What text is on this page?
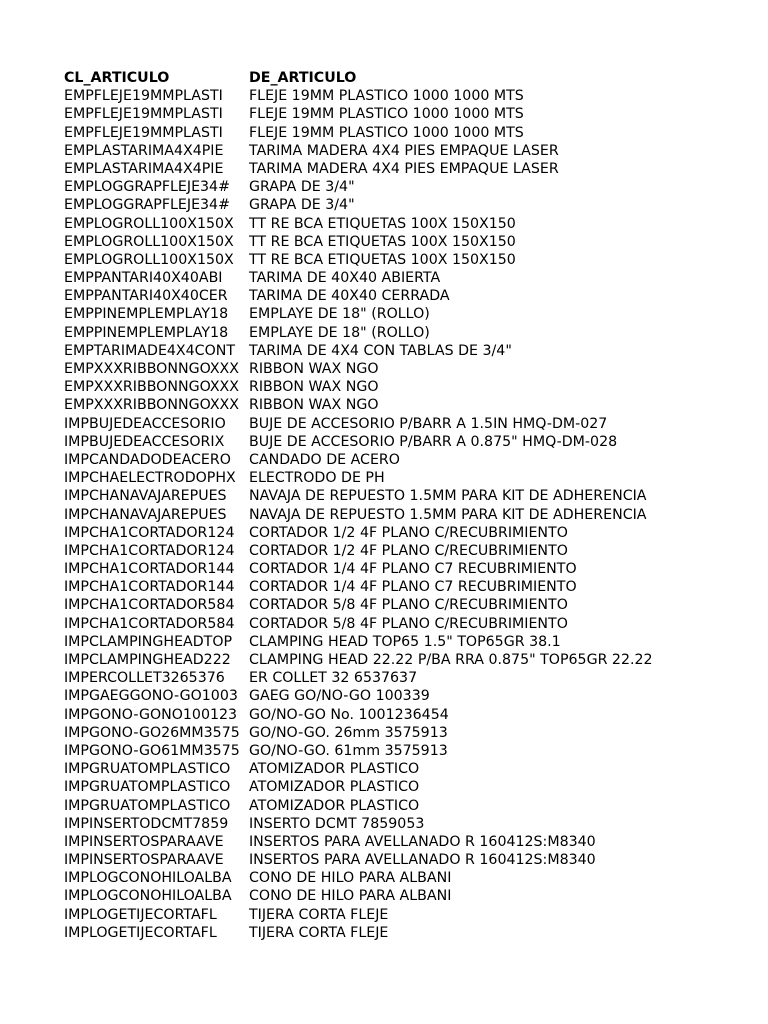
CL_ARTICULO	DE_ARTICULO
EMPFLEJE19MMPLASTI	FLEJE 19MM PLASTICO 1000 1000 MTS
EMPFLEJE19MMPLASTI	FLEJE 19MM PLASTICO 1000 1000 MTS
EMPFLEJE19MMPLASTI	FLEJE 19MM PLASTICO 1000 1000 MTS
EMPLASTARIMA4X4PIE	TARIMA MADERA 4X4 PIES EMPAQUE LASER
EMPLASTARIMA4X4PIE	TARIMA MADERA 4X4 PIES EMPAQUE LASER
EMPLOGGRAPFLEJE34#	GRAPA DE 3/4"
EMPLOGGRAPFLEJE34#	GRAPA DE 3/4"
EMPLOGROLL100X150X	TT RE BCA ETIQUETAS 100X 150X150
EMPLOGROLL100X150X	TT RE BCA ETIQUETAS 100X 150X150
EMPLOGROLL100X150X	TT RE BCA ETIQUETAS 100X 150X150
EMPPANTARI40X40ABI	TARIMA DE 40X40 ABIERTA
EMPPANTARI40X40CER	TARIMA DE 40X40 CERRADA
EMPPINEMPLEMPLAY18	EMPLAYE DE 18" (ROLLO)
EMPPINEMPLEMPLAY18	EMPLAYE DE 18" (ROLLO)
EMPTARIMADE4X4CONT TARIMA DE 4X4 CON TABLAS DE 3/4"
EMPXXXRIBBONNGOXXX RIBBON WAX NGO
EMPXXXRIBBONNGOXXX RIBBON WAX NGO
EMPXXXRIBBONNGOXXX RIBBON WAX NGO
IMPBUJEDEACCESORIO	BUJE DE ACCESORIO P/BARR A 1.5IN HMQ-DM-027
IMPBUJEDEACCESORIX	BUJE DE ACCESORIO P/BARR A 0.875" HMQ-DM-028
IMPCANDADODEACERO	CANDADO DE ACERO
IMPCHAELECTRODOPHX ELECTRODO DE PH
IMPCHANAVAJAREPUES	NAVAJA DE REPUESTO 1.5MM PARA KIT DE ADHERENCIA
IMPCHANAVAJAREPUES	NAVAJA DE REPUESTO 1.5MM PARA KIT DE ADHERENCIA
IMPCHA1CORTADOR124	CORTADOR 1/2 4F PLANO C/RECUBRIMIENTO
IMPCHA1CORTADOR124	CORTADOR 1/2 4F PLANO C/RECUBRIMIENTO
IMPCHA1CORTADOR144	CORTADOR 1/4 4F PLANO C7 RECUBRIMIENTO
IMPCHA1CORTADOR144	CORTADOR 1/4 4F PLANO C7 RECUBRIMIENTO
IMPCHA1CORTADOR584	CORTADOR 5/8 4F PLANO C/RECUBRIMIENTO
IMPCHA1CORTADOR584	CORTADOR 5/8 4F PLANO C/RECUBRIMIENTO
IMPCLAMPINGHEADTOP	CLAMPING HEAD TOP65 1.5" TOP65GR 38.1
IMPCLAMPINGHEAD222	CLAMPING HEAD 22.22 P/BA RRA 0.875" TOP65GR 22.22
IMPERCOLLET3265376	ER COLLET 32 6537637
IMPGAEGGONO-GO1003 GAEG GO/NO-GO 100339
IMPGONO-GONO100123 GO/NO-GO No. 1001236454
IMPGONO-GO26MM3575 GO/NO-GO. 26mm 3575913
IMPGONO-GO61MM3575 GO/NO-GO. 61mm 3575913
IMPGRUATOMPLASTICO	ATOMIZADOR PLASTICO
IMPGRUATOMPLASTICO	ATOMIZADOR PLASTICO
IMPGRUATOMPLASTICO	ATOMIZADOR PLASTICO
IMPINSERTODCMT7859	INSERTO DCMT 7859053
IMPINSERTOSPARAAVE	INSERTOS PARA AVELLANADO R 160412S:M8340
IMPINSERTOSPARAAVE	INSERTOS PARA AVELLANADO R 160412S:M8340
IMPLOGCONOHILOALBA	CONO DE HILO PARA ALBANI
IMPLOGCONOHILOALBA	CONO DE HILO PARA ALBANI
IMPLOGETIJECORTAFL	TIJERA CORTA FLEJE
IMPLOGETIJECORTAFL	TIJERA CORTA FLEJE
